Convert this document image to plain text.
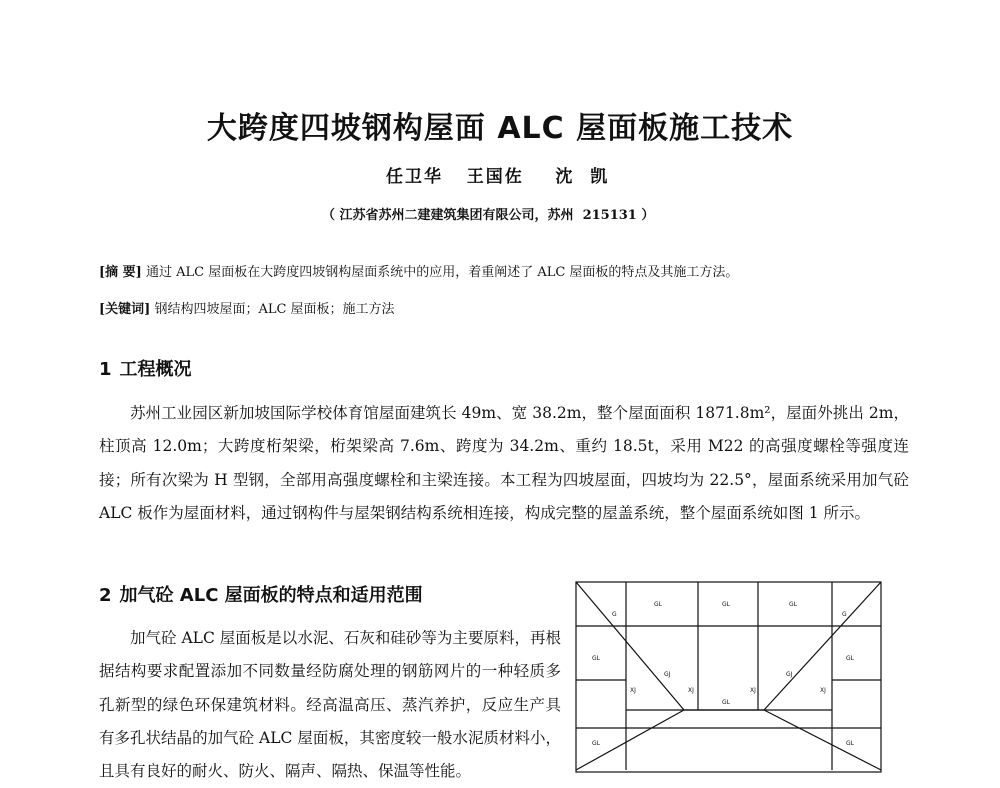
大跨度四坡钢构屋面 ALC 屋面板施工技术
任卫华   王国佐    沈  凯
（ 江苏省苏州二建建筑集团有限公司，苏州  215131 ）
[摘 要] 通过 ALC 屋面板在大跨度四坡钢构屋面系统中的应用，着重阐述了 ALC 屋面板的特点及其施工方法。
[关键词] 钢结构四坡屋面；ALC 屋面板；施工方法
1 工程概况
苏州工业园区新加坡国际学校体育馆屋面建筑长 49m、宽 38.2m，整个屋面面积 1871.8m²，屋面外挑出 2m，柱顶高 12.0m；大跨度桁架梁，桁架梁高 7.6m、跨度为 34.2m、重约 18.5t，采用 M22 的高强度螺栓等强度连接；所有次梁为 H 型钢，全部用高强度螺栓和主梁连接。本工程为四坡屋面，四坡均为 22.5°，屋面系统采用加气砼 ALC 板作为屋面材料，通过钢构件与屋架钢结构系统相连接，构成完整的屋盖系统，整个屋面系统如图 1 所示。
2 加气砼 ALC 屋面板的特点和适用范围
加气砼 ALC 屋面板是以水泥、石灰和硅砂等为主要原料，再根据结构要求配置添加不同数量经防腐处理的钢筋网片的一种轻质多孔新型的绿色环保建筑材料。经高温高压、蒸汽养护，反应生产具有多孔状结晶的加气砼 ALC 屋面板，其密度较一般水泥质材料小，且具有良好的耐火、防火、隔声、隔热、保温等性能。
GL	GL	GL
GL	GL
GL
GL	GL
G	G
GJ	GJ
XJ	XJ	XJ	XJ
